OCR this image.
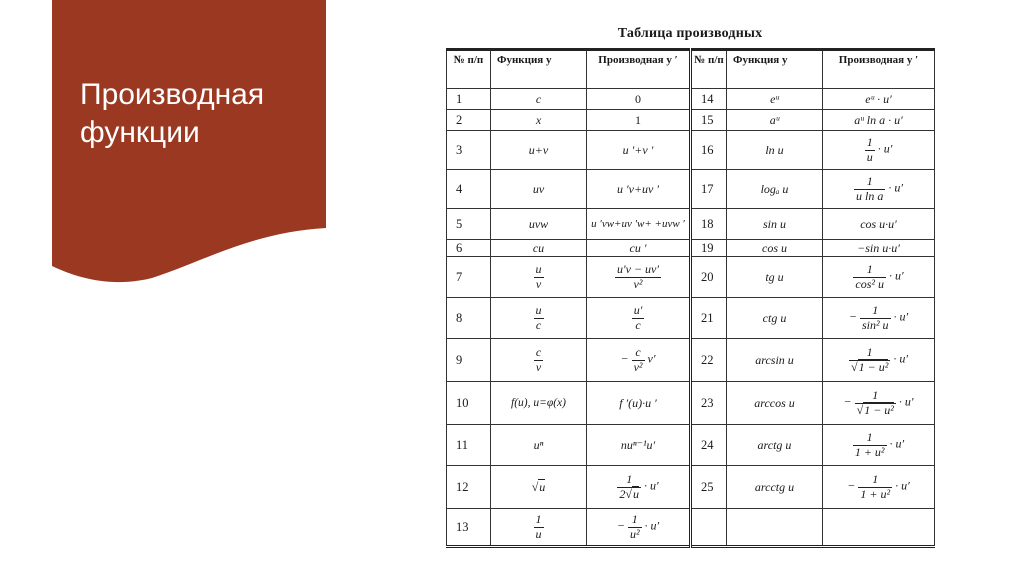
Производная функции
Таблица производных
№ п/п	Функция y	Производная y ′	№ п/п	Функция y	Производная y ′
1	c	0	14	eᵘ	eᵘ · u′
2	x	1	15	aᵘ	aᵘ ln a · u′
3	u+v	u ′+v ′	16	ln u	$\frac{1}{u} \cdot u'$
4	uv	u ′v+uv ′	17	logₐ u	$\frac{1}{\text{u ln a}} \cdot u'$
5	uvw	u ′vw+uv ′w+ +uvw ′	18	sin u	cos u·u′
6	cu	cu ′	19	cos u	−sin u·u′
7	$\frac{u}{v}$	$\frac{u'v - uv'}{\text{v²}}$	20	tg u	$\frac{1}{\text{cos² u}} \cdot u'$
8	$\frac{u}{c}$	$\frac{u'}{c}$	21	ctg u	− $\frac{1}{\text{sin² u}} \cdot u'$
9	$\frac{c}{v}$	− $\frac{c}{\text{v²}} v'$	22	arcsin u	$\frac{1}{\text{√1 − u²}} \cdot u'$
10	f(u), u=φ(x)	f ′(u)·u ′	23	arccos u	− $\frac{1}{\text{√1 − u²}} \cdot u'$
11	uⁿ	nuⁿ⁻¹u′	24	arctg u	$\frac{1}{\text{1 + u²}} \cdot u'$
12	√u	$\frac{1}{2√u} \cdot u'$	25	arcctg u	− $\frac{1}{\text{1 + u²}} \cdot u'$
13	$\frac{1}{u}$	− $\frac{1}{\text{u²}} \cdot u'$			
